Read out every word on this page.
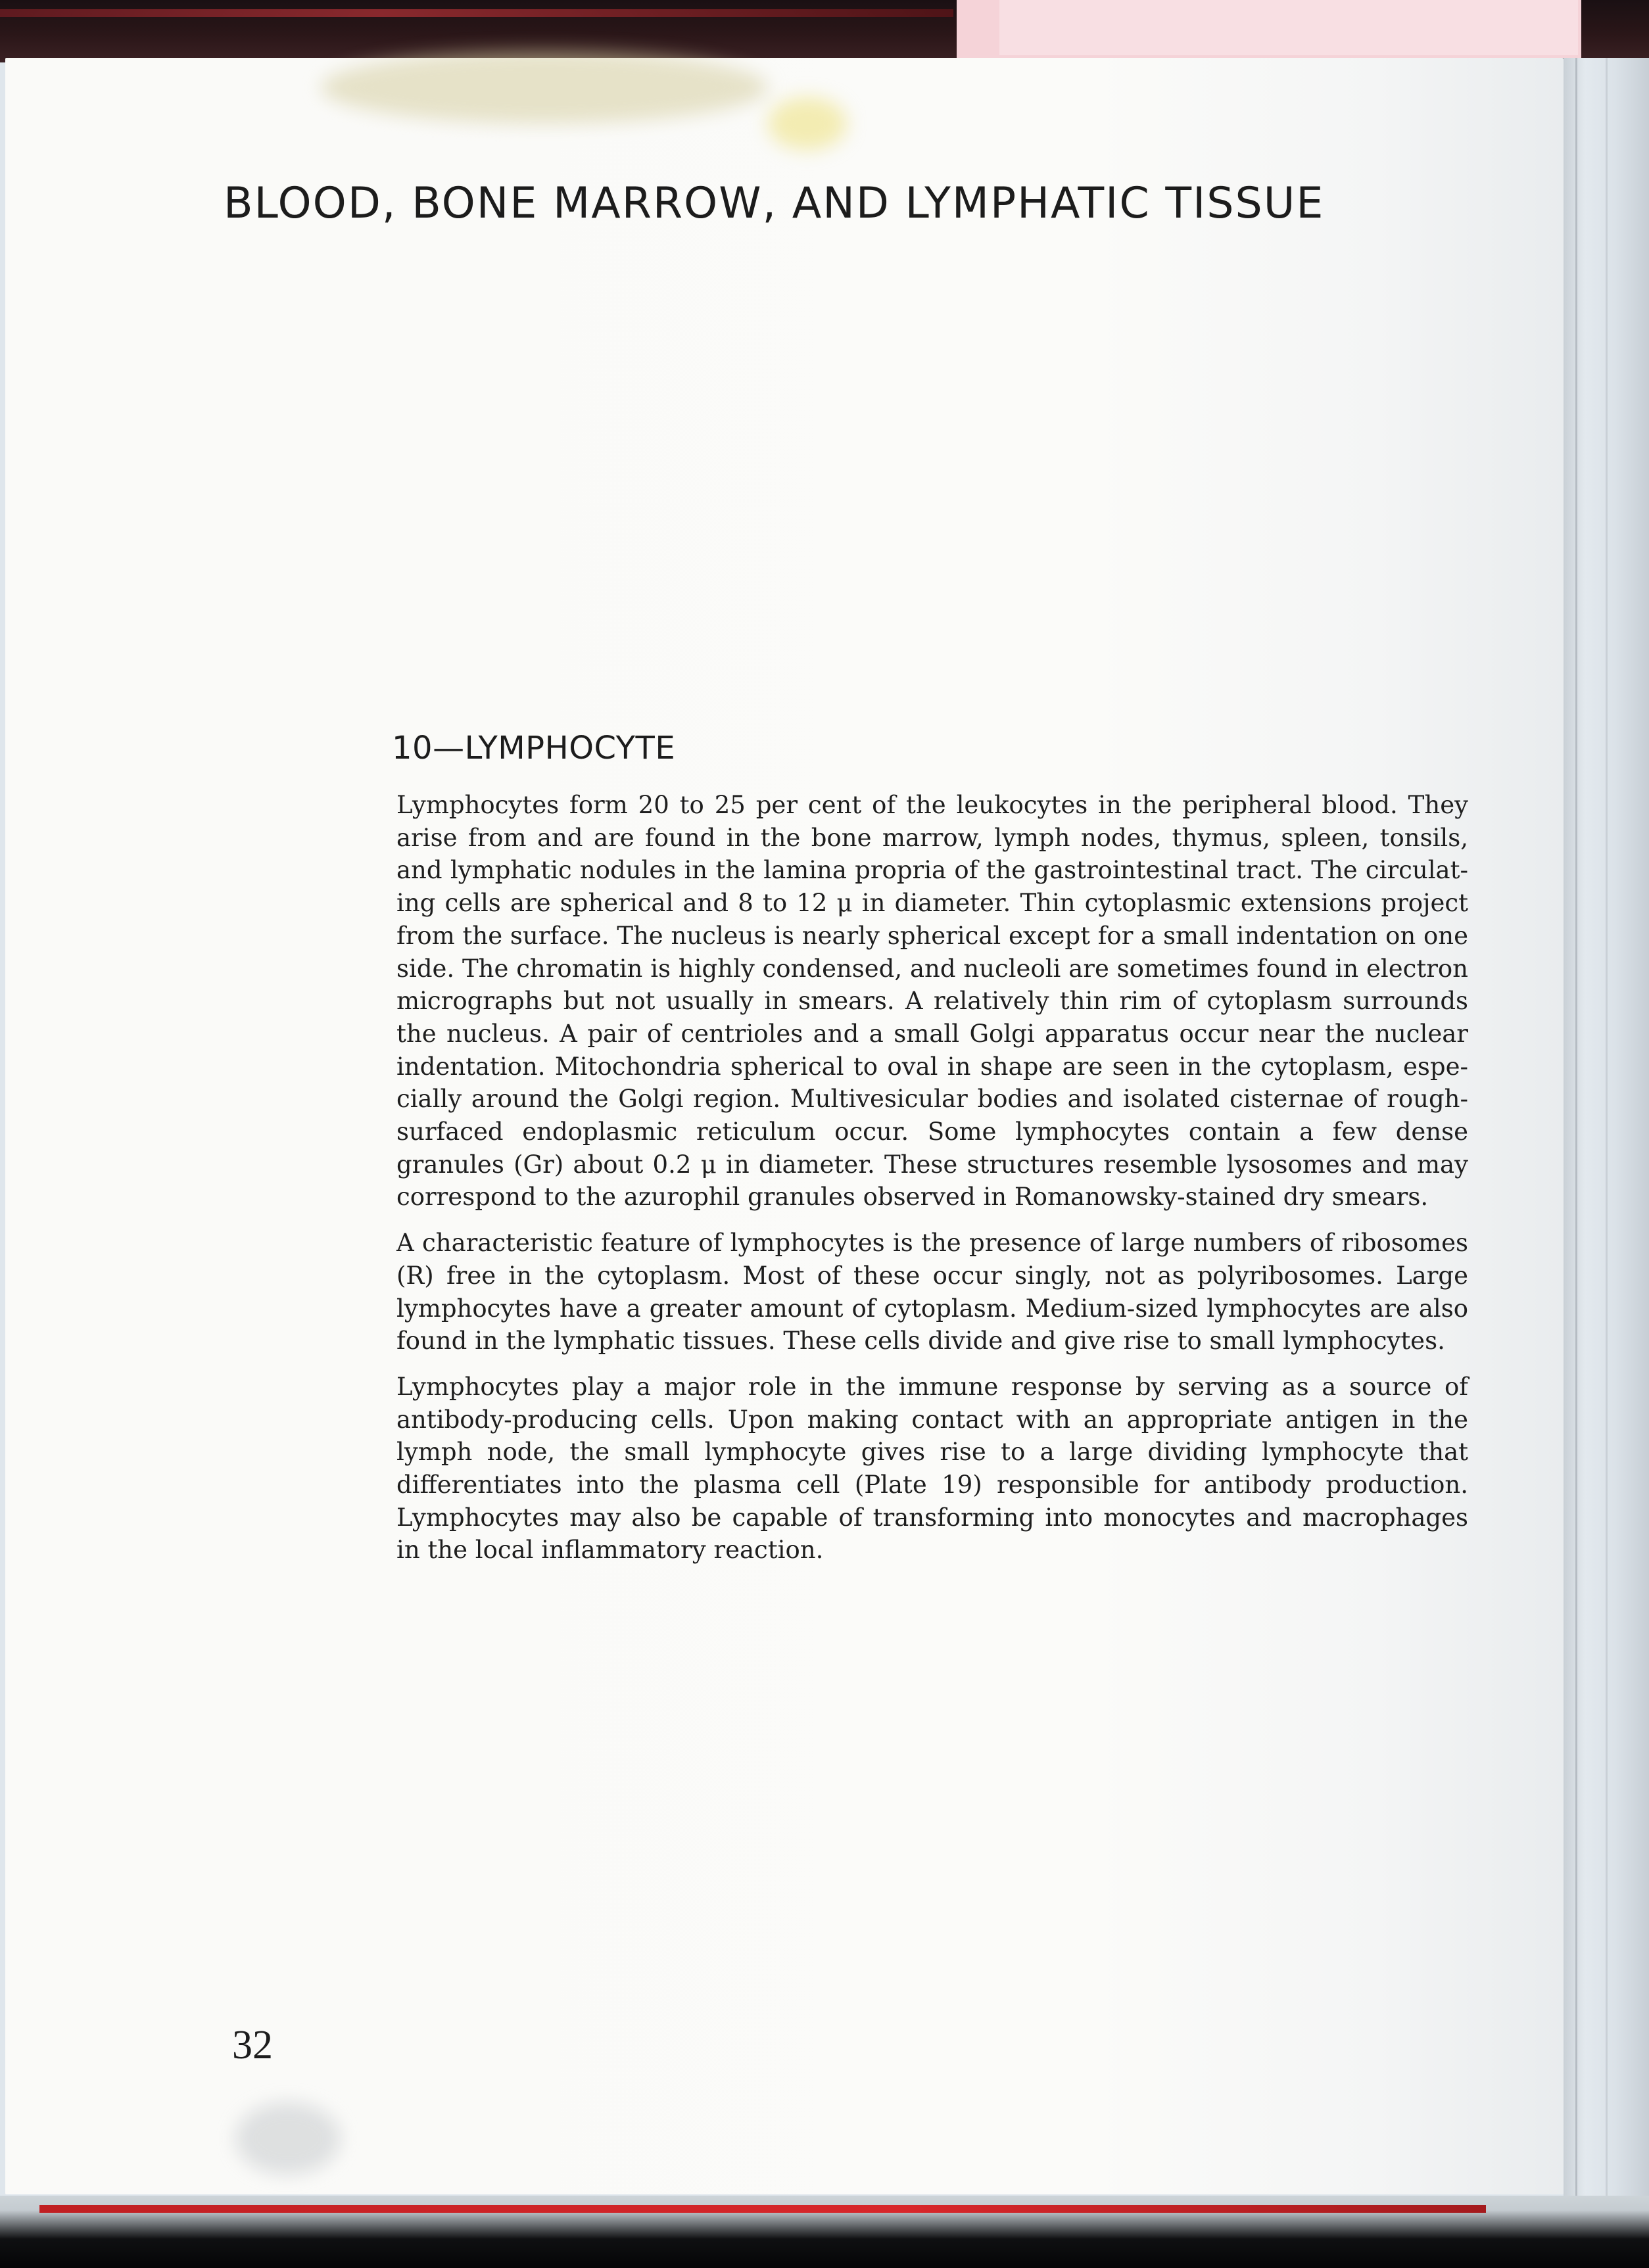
BLOOD, BONE MARROW, AND LYMPHATIC TISSUE
10—LYMPHOCYTE

Lymphocytes form 20 to 25 per cent of the leukocytes in the peripheral blood. They arise from and are found in the bone marrow, lymph nodes, thymus, spleen, tonsils, and lymphatic nodules in the lamina propria of the gastrointestinal tract. The circulating cells are spherical and 8 to 12 μ in diameter. Thin cytoplasmic extensions project from the surface. The nucleus is nearly spherical except for a small indentation on one side. The chromatin is highly condensed, and nucleoli are sometimes found in electron micrographs but not usually in smears. A relatively thin rim of cytoplasm surrounds the nucleus. A pair of centrioles and a small Golgi apparatus occur near the nuclear indentation. Mitochondria spherical to oval in shape are seen in the cytoplasm, especially around the Golgi region. Multivesicular bodies and isolated cisternae of rough-surfaced endoplasmic reticulum occur. Some lymphocytes contain a few dense granules (Gr) about 0.2 μ in diameter. These structures resemble lysosomes and may correspond to the azurophil granules observed in Romanowsky-stained dry smears.

A characteristic feature of lymphocytes is the presence of large numbers of ribosomes (R) free in the cytoplasm. Most of these occur singly, not as polyribosomes. Large lymphocytes have a greater amount of cytoplasm. Medium-sized lymphocytes are also found in the lymphatic tissues. These cells divide and give rise to small lymphocytes.

Lymphocytes play a major role in the immune response by serving as a source of antibody-producing cells. Upon making contact with an appropriate antigen in the lymph node, the small lymphocyte gives rise to a large dividing lymphocyte that differentiates into the plasma cell (Plate 19) responsible for antibody production. Lymphocytes may also be capable of transforming into monocytes and macrophages in the local inflammatory reaction.

32
